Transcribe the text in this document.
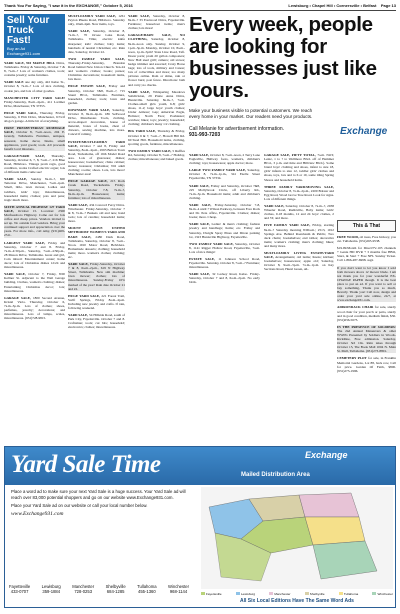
Thank You For Saying, "I saw it in the EXCHANGE," October 5, 2016	Lewisburg • Chapel Hill • Cornersville • Belfast Page 13
Sell Your
Truck
Fast!
Buy an Ad
Exchange931.com
YARD SALE, 910 MAPLE HILL Drive, Tullahoma. Friday & Saturday, October 7 & 8, 7a.m.-? Lots of women's clothes, tools; costume jewelry; some furniture.
YARD SALE one day only, 422 Kelso St., October 8, 7a.m.-? Lots of nice clothing, cookie jars, and lots of other goodies.
MANCHESTER CITY YARD SALE! Friday-Saturday, 8a.m.-4p.m., 411 Lorimer Drive, Manchester, TN 37355.
HUGE YARD SALL, Thursday, Friday, Saturday, 6 Elm Drive, Manchester, 6/7a/if all-go's garage. A little bit of everything.
FIRST PRESBYTERIAN RUMMAGE SALE, October 8, 7a.m.-noon, 204 E. Grundy, Tullahoma. Furniture, antiques, seasonal, home decor, linens, small appliances, yard goods; tools. All proceeds benefit local missions.
GARAGE/YARD SALE, Thursday-Saturday, October 6, 7, 8, 7a.m.-?, 216 Blue Road, Hillsboro. Vintage prom ragts, good condition, works Crafted electric organ; lots of different items come see!
YARD SALE, Sunday 8a.m.-?, 600 Tetterton Drive, Manchester, 7a.m.-ip.m. Small, little. lawn mower, Ladies and toddlers, kids' toys; miscellaneous, household items; clothes; pots and pans; tragic much more.
SIXTH ANNUAL HIGHWAY 127 YARD SALE, October 15. Location: 2300 Murfreesboro Highway. Come out for lots coffee and cheap prices. Vendors invited to set up. No outside food vendors. Bring your continued support and appreciation over the years. For more info., call Amy, (931)409-2311.
LARGEST YARD SALE, Friday and Saturday, October 7 and 8. Friday, 7a.m.-4:30p.m., Saturday, 7a.m.-4:30p.m., 28 Mason Drive, Tullahoma. Great and girl, Coin inbred: Entertainment center; home decor; lots of Christmas dishes 12/24 and miscellaneous.
YARD SALE, October 7, Friday, 8:00 Kellner St. Adjacent to the Weil Garage building. Clothes, women's clothing; dishes; Entertaining Christmas decor; lots; miscellaneous.
GARAGE SALE, 1800 Second Avenue, Kristal Viola. Thursday, October 6, 7a.m.-3p.m. Lots of clothes; shoes, perfumes, jewelry; decorations; and miscellaneous. Lots of lamps, scales, miscellaneous. (931)728-9815.
MULTI-FAMILY YARD SALE, 1261 Peyton Pikens Road, Hillsboro. Saturday only, 10am-4pm. New items, toys.
YARD SALE, Saturday, October 8, 7a.m.-?, 70 Ocoee Lake Road, Tullahoma. Tiller, electric knife sharpener; kids' clothes; baby items; hundreds of neutral Christmas; etc. Rain date, Saturday, October 22.
TWO FAMILY YARD SALE, Thursday-Friday-Saturday, Brandon Road behind New Union Church. Ten-24 and women's clothes; books; purses; Christmas decorations; household items, lots more.
HUGE ESTATE SALE, Friday and Saturday, October 7&8, 8a.m.-?, 715 Stuart Blvd., Tullahoma. Furniture, household, clothes; tools; lawn and garden.
DOWNSIZE YARD SALE, Saturday, October 8, 8a.m.-4p.m. 186 Sellwood Drive, Manchester. Tools, clothing, arrow-shaped decoration, house of material, boxes of books, chest of drawers, sewing machine, lots more. Cancel if raining.
ESTATE/MULTI-FAMILY YARD SALE, October 7 and 8, Friday and Saturday, 8a.m.-4p.m., 4565 Belton Town Road, Tuckahoma, off 16th Model Road area. Lots of glassware; dishes; housewares; bookshelves; china cabinet; stereo; treasures; Christmas; NO adult clothing; rooms; shoes. Lots, lots more! Manchester area!
HUGE GARAGE SALE, 215 Rock Creek Road, Tuckahoma. Friday-Saturday, October 7-8, 7a.m.-?, 8a.m.-2p.m. Housewares; items; furniture; lots of miscellaneous.
YARD SALE, 434 Concord Ferry Drive. Winchester. Friday-Saturday, October 7 & 8, 7a.m.-? Baskets old and new, hand tools; lots of candles; household items; more.
MOUNT GROVE UNITED METHODIST WOMEN'S YARD AND BAKE SALE, 2480 Dark Road, Tullahoma, Saturday, October 8, 7a.m.-Noon. 1910 Motor Road, Belvidere. Homemade desserts; clothing; household items; more. women's clothes; clothing; etc.
YARD SALE, Friday-Saturday, October 7 & 8, 6a.m.-2p.m., 619 N Highway Street, Tullahoma. New sim machine; lawn mower; clothes; lots of miscellaneous. Sunday-Friday 10% marked of the year! Rain date October 21 and 22.
HUGE YARD SALE, 221 Forest Trail, Swift Springs, Friday 8a.m.-4p.m. Including new jewelry and crafts. If rain, following weekend.
YARD SALE, 54 Hillside Road, south of Park City, Fayetteville. October 7 and 8. Craftsman; tools; cut bits; household; electronics; clothes; miscellaneous.
YARD SALE, Saturday, October 8, 8a.m.-? 33 Eastwood Drive, Fayetteville. Furniture; houseboat items; men's clothes; lots more!
GARAGE/BARN SALE, NO CLOTHING, Saturday, October 8, 8a.m.-noon only. Sunday, October 9, 1p.m.-5p.m. Monday, October 10, 8a.m.-noon, 1p.m.-5pm? State Line Road, Taft. Dozer parts; prom 20 gallon composters; New Hall steel grill; camera; old stoves; hedge trimmer and assorted; Crazy Horse bags; lots of tools, military and Canon; lots of collectibles and more; too many pictures online. Rain or shine, rain or flower burn; post fence. Directions: bath and carry; no checks.
YARD SALE, Whispering Meadows Subdivision, 29 Pratte Anna Drive, Huntsville. Saturday, 8a.m.-?, 7a.m. Clothes-small girls youth, 6-8; girls' shoes, 11-2; large boys' youth clothes; Under Armour; Gap; American Eagle, Holister; North Face; Poshtaster; watches; bikes; toys; jewelry; household; clothing; children's many 1/2 clothing.
BIG YARD SALE, Thursday & Friday, October 6 & 7, 7a.m.-?, Howell Hill Rd. 60 Steel Hill. Household items, clothing, sporting goods, furniture, miscellaneous.
TWO FAMILY YARD SALE, 5 Ruffles Rd, Saturday, October 8, 7a.m.-? Holiday, clothes; miscellaneous; and baked goods.
Every week, people are looking for businesses just like yours.
Make your business visible to potential customers. We reach every home in your market. Our readers need your products.
Call Melanie for advertisement information.
931-993-7203	Exchange
YARD SALE, October 8, 7a.m.-noon, 2 Terry Lane Eagleville, Hallway foots, women's, children's clothing; toys; housewares; apple doctor; more.
LARGE TWO FAMILY YARD SALE, Saturday, October 8, 7a.m.-1p.m., 341 Ezelle Street Fayetteville, TN 37334.
YARD SALE, Friday and Saturday, October 7&8, 225 Mollybrook Circle, off Liberty Rd., 7a.m.-3p.m. Household items; adult and children's clothing.
YARD SALE, Friday-Saturday, October 7-8, 8a.m.-4 until ? Wilson Parkway, between Fore Rock and Dr. Pete office, Fayetteville. Clothes; dishes; books; more. Cheap.
YARD SALE, Ladies' & men's clothing; fashion jewelry and handbags; Items; etc. Friday and Saturday, Dwight Spray Pines and Dixon parking lot, 1323 Huntsville Highway, Fayetteville.
TWO FAMILY YARD SALE, Saturday, October 8, 1141 Rigger Hollow Road, Fayetteville, 7a.m. Lots of nice things!
ESTATE SALE, 11 Johnson School Road, Fayetteville. Saturday, October 8, 7a.m.-? Furniture; miscellaneous.
YARD SALE, 32 Lackey Road, Kelso. Friday-Saturday, October 7 and 8, 6a.m.-2p.m. No early birds.
GARAGE SALE, FIFTY TOTAL, 7a.m. NOT, Lentz, 1 to ? to Wellmore Blvd. off of Hemmer Blvd., 3 p.m. and time and Hillview Blvd.). Some brand boys' clothing and shoes, infant to size 18, girls' infants to size 12, toddler girls' clothes and shoes, toys, lots and to 6 or 10, some tiling Spring Shores and household items.
THREE FAMILY YARD/MOVING SALE, Saturday, October 8, 7a.m.-2p.m., 2200 Bolster and Egg Road, Wood Grove Tree Road. Look for signs. Lots of different things.
YARD SALE, Saturday, October 8, 7a.m.-?, 2938 Wheeler Road, Rudisville, Baby items; Girls' clothes, 0-18 months, 12 and 24 boys' clothes, 2 and 3T, and more.
FIVE FAMILY YARD SALE, Friday, starting 8a.m.-? Saturday morning 8:00a.m.; 2513, 1912 Springs Ave. Behind Roenbaum & Public, Two deck chairs; bookshelves; end tables; decorative items; women's clothing; men's clothing; bikes; and many more.
MULTI-FAMILY LIVING ESTATE/YARD SALE, Arrangements; old items; linens; kitchen; bookshelves; housewares; apple old; Saturday, October 8, 9a.m.-3p.m. 7a.m.-1p.m. on Kay Sections Road, Hazel Green, AL.
This & That
FREE WOOD, oil trees, Free hickory, you cut. Tullahoma. (931)265-9538.
$19.99/Month for DirectTV-103 channels + Genie HD DVR + 3 months free HBO, Starz, & Start + Free NFL Sunday Ticket. Call 1-866-487-6998. ssgn
If you don't want to let you know I sold both mowers above 12 mower blade. I am not thank you for your wonderful EX-CHANGE PAPER though. It is the best place to put an ad. If you want to sell or buy something, Thank you so much, Beverly. Thank you! Call now, design and order your yard sale online, 24/7, at www.exchange931.com.
ADIRONDACK CHAIR for sale, sturdy wood chair for your porch or patio, sturdy and in good condition, medium finish, $30. (931)636-5673.
IN THE PRESENCE OF SOLDIERS: The 2nd Annual Maneuvers & other WWII's Presented by Soldiers in Woods-Kickiline, Free admission. Saturday, October 3rd 10a. Rain takes through October 15, The Book Mall 1004 N. Main St. Mall, Tullahoma. (931)273-8801.
CEMETERY PLOT for sale, in Franklin Memorial Gardens, Lot 88, back row, Call for price. Garden Of Faith, $800. (931)273-1996.
Yard Sale Time	Exchange
Mailed Distribution Area

Place a word ad to make sure your next Yard Sale is a huge success. Your Yard Sale ad will reach over 83,000 potential shoppers and go on our website www.Exchange931.com.

Place your Yard Sale ad on our website or call your local number below.

www.Exchange931.com

Fayetteville
433-0707
Lewisburg
359-1884
Manchester
728-0253
Shelbyville
684-1285
Tullahoma
455-1360
Winchester
968-1144	Fayetteville	Lewisburg	Manchester	Shelbyville	Tullahoma	Winchester
All Six Local Editions Have The Same Word Ads
